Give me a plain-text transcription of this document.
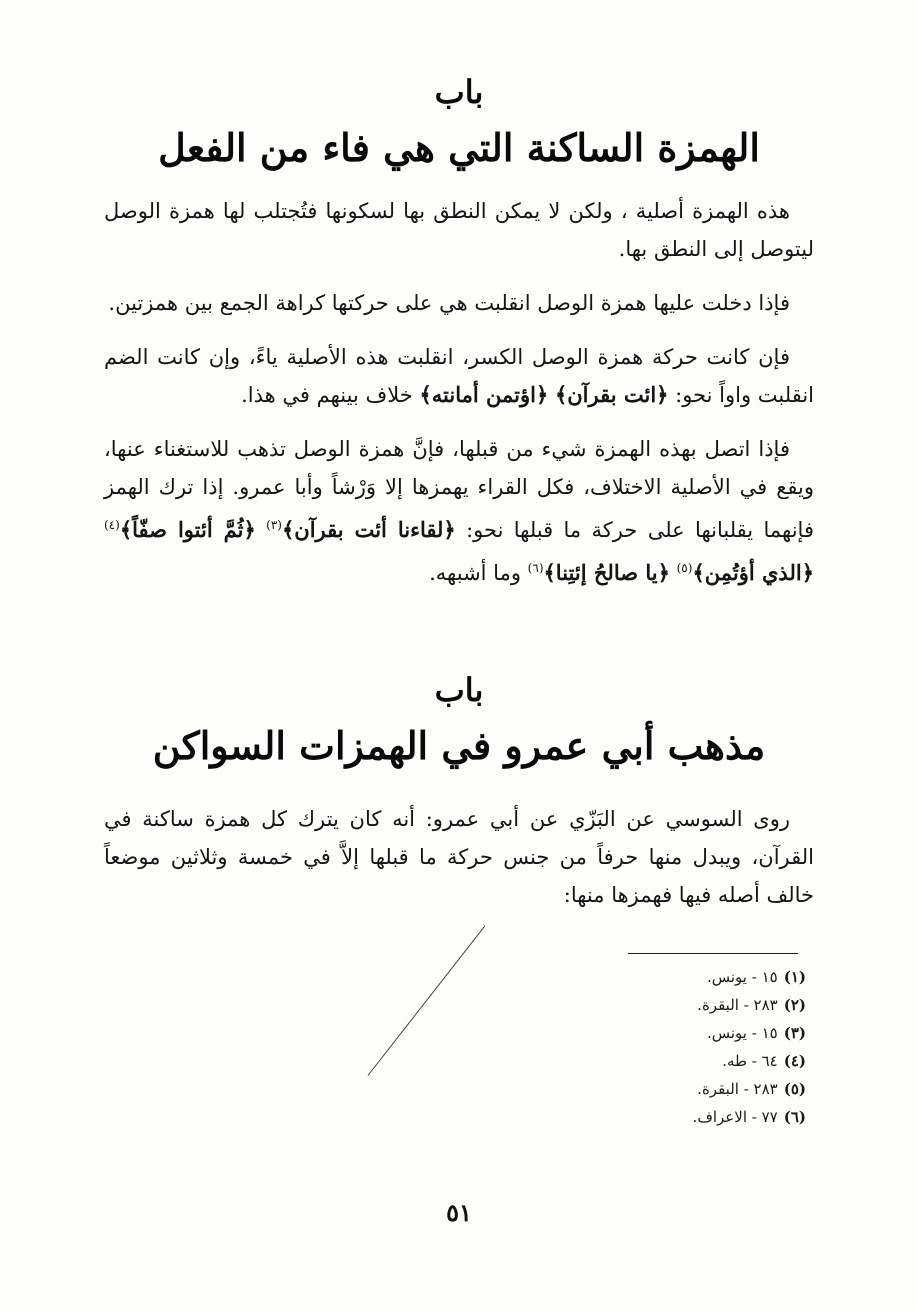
باب
الهمزة الساكنة التي هي فاء من الفعل

هذه الهمزة أصلية ، ولكن لا يمكن النطق بها لسكونها فتُجتلب لها همزة الوصل ليتوصل إلى النطق بها.

فإذا دخلت عليها همزة الوصل انقلبت هي على حركتها كراهة الجمع بين همزتين.

فإن كانت حركة همزة الوصل الكسر، انقلبت هذه الأصلية ياءً، وإن كانت الضم انقلبت واواً نحو: ﴿ائت بقرآن﴾ ﴿اؤتمن أمانته﴾ خلاف بينهم في هذا.

فإذا اتصل بهذه الهمزة شيء من قبلها، فإنَّ همزة الوصل تذهب للاستغناء عنها، ويقع في الأصلية الاختلاف، فكل القراء يهمزها إلا وَرْشاً وأبا عمرو. إذا ترك الهمز فإنهما يقلبانها على حركة ما قبلها نحو: ﴿لقاءنا أئت بقرآن﴾$^{(٣)}$ ﴿ثُمَّ أئتوا صفّاً﴾$^{(٤)}$ ﴿الذي أؤتُمِن﴾$^{(٥)}$ ﴿يا صالحُ إئتِنا﴾$^{(٦)}$ وما أشبهه.

باب
مذهب أبي عمرو في الهمزات السواكن

روى السوسي عن البَزّي عن أبي عمرو: أنه كان يترك كل همزة ساكنة في القرآن، ويبدل منها حرفاً من جنس حركة ما قبلها إلاَّ في خمسة وثلاثين موضعاً خالف أصله فيها فهمزها منها:

(١)١٥ - يونس.
(٢)٢٨٣ - البقرة.
(٣)١٥ - يونس.
(٤)٦٤ - طه.
(٥)٢٨٣ - البقرة.
(٦)٧٧ - الاعراف.
٥١
